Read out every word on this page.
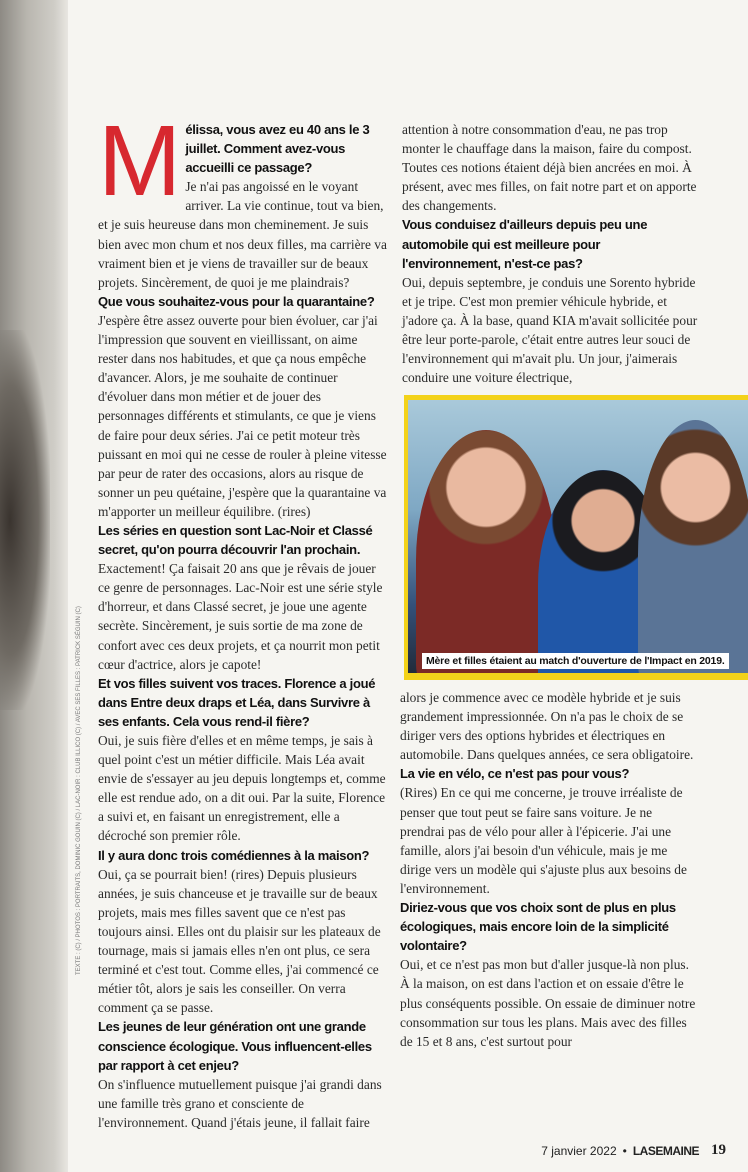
M élissa, vous avez eu 40 ans le 3 juillet. Comment avez-vous accueilli ce passage?

Je n'ai pas angoissé en le voyant arriver. La vie continue, tout va bien, et je suis heureuse dans mon cheminement. Je suis bien avec mon chum et nos deux filles, ma carrière va vraiment bien et je viens de travailler sur de beaux projets. Sincèrement, de quoi je me plaindrais?

Que vous souhaitez-vous pour la quarantaine?

J'espère être assez ouverte pour bien évoluer, car j'ai l'impression que souvent en vieillissant, on aime rester dans nos habitudes, et que ça nous empêche d'avancer. Alors, je me souhaite de continuer d'évoluer dans mon métier et de jouer des personnages différents et stimulants, ce que je viens de faire pour deux séries. J'ai ce petit moteur très puissant en moi qui ne cesse de rouler à pleine vitesse par peur de rater des occasions, alors au risque de sonner un peu quétaine, j'espère que la quarantaine va m'apporter un meilleur équilibre. (rires)

Les séries en question sont Lac-Noir et Classé secret, qu'on pourra découvrir l'an prochain.

Exactement! Ça faisait 20 ans que je rêvais de jouer ce genre de personnages. Lac-Noir est une série style d'horreur, et dans Classé secret, je joue une agente secrète. Sincèrement, je suis sortie de ma zone de confort avec ces deux projets, et ça nourrit mon petit cœur d'actrice, alors je capote!

Et vos filles suivent vos traces. Florence a joué dans Entre deux draps et Léa, dans Survivre à ses enfants. Cela vous rend-il fière?

Oui, je suis fière d'elles et en même temps, je sais à quel point c'est un métier difficile. Mais Léa avait envie de s'essayer au jeu depuis longtemps et, comme elle est rendue ado, on a dit oui. Par la suite, Florence a suivi et, en faisant un enregistrement, elle a décroché son premier rôle.

Il y aura donc trois comédiennes à la maison?

Oui, ça se pourrait bien! (rires) Depuis plusieurs années, je suis chanceuse et je travaille sur de beaux projets, mais mes filles savent que ce n'est pas toujours ainsi. Elles ont du plaisir sur les plateaux de tournage, mais si jamais elles n'en ont plus, ce sera terminé et c'est tout. Comme elles, j'ai commencé ce métier tôt, alors je sais les conseiller. On verra comment ça se passe.

Les jeunes de leur génération ont une grande conscience écologique. Vous influencent-elles par rapport à cet enjeu?

On s'influence mutuellement puisque j'ai grandi dans une famille très grano et consciente de l'environnement. Quand j'étais jeune, il fallait faire

attention à notre consommation d'eau, ne pas trop monter le chauffage dans la maison, faire du compost. Toutes ces notions étaient déjà bien ancrées en moi. À présent, avec mes filles, on fait notre part et on apporte des changements.

Vous conduisez d'ailleurs depuis peu une automobile qui est meilleure pour l'environnement, n'est-ce pas?

Oui, depuis septembre, je conduis une Sorento hybride et je tripe. C'est mon premier véhicule hybride, et j'adore ça. À la base, quand KIA m'avait sollicitée pour être leur porte-parole, c'était entre autres leur souci de l'environnement qui m'avait plu. Un jour, j'aimerais conduire une voiture électrique,

Mère et filles étaient au match d'ouverture de l'Impact en 2019.

alors je commence avec ce modèle hybride et je suis grandement impressionnée. On n'a pas le choix de se diriger vers des options hybrides et électriques en automobile. Dans quelques années, ce sera obligatoire.

La vie en vélo, ce n'est pas pour vous?

(Rires) En ce qui me concerne, je trouve irréaliste de penser que tout peut se faire sans voiture. Je ne prendrai pas de vélo pour aller à l'épicerie. J'ai une famille, alors j'ai besoin d'un véhicule, mais je me dirige vers un modèle qui s'ajuste plus aux besoins de l'environnement.

Diriez-vous que vos choix sont de plus en plus écologiques, mais encore loin de la simplicité volontaire?

Oui, et ce n'est pas mon but d'aller jusque-là non plus. À la maison, on est dans l'action et on essaie d'être le plus conséquents possible. On essaie de diminuer notre consommation sur tous les plans. Mais avec des filles de 15 et 8 ans, c'est surtout pour

TEXTE : (C) / PHOTOS : PORTRAITS, DOMINIC GOUIN (C) / LAC-NOIR : CLUB ILLICO (C) / AVEC SES FILLES : PATRICK SÉGUIN (C)
7 janvier 2022 • LASEMAINE 19
